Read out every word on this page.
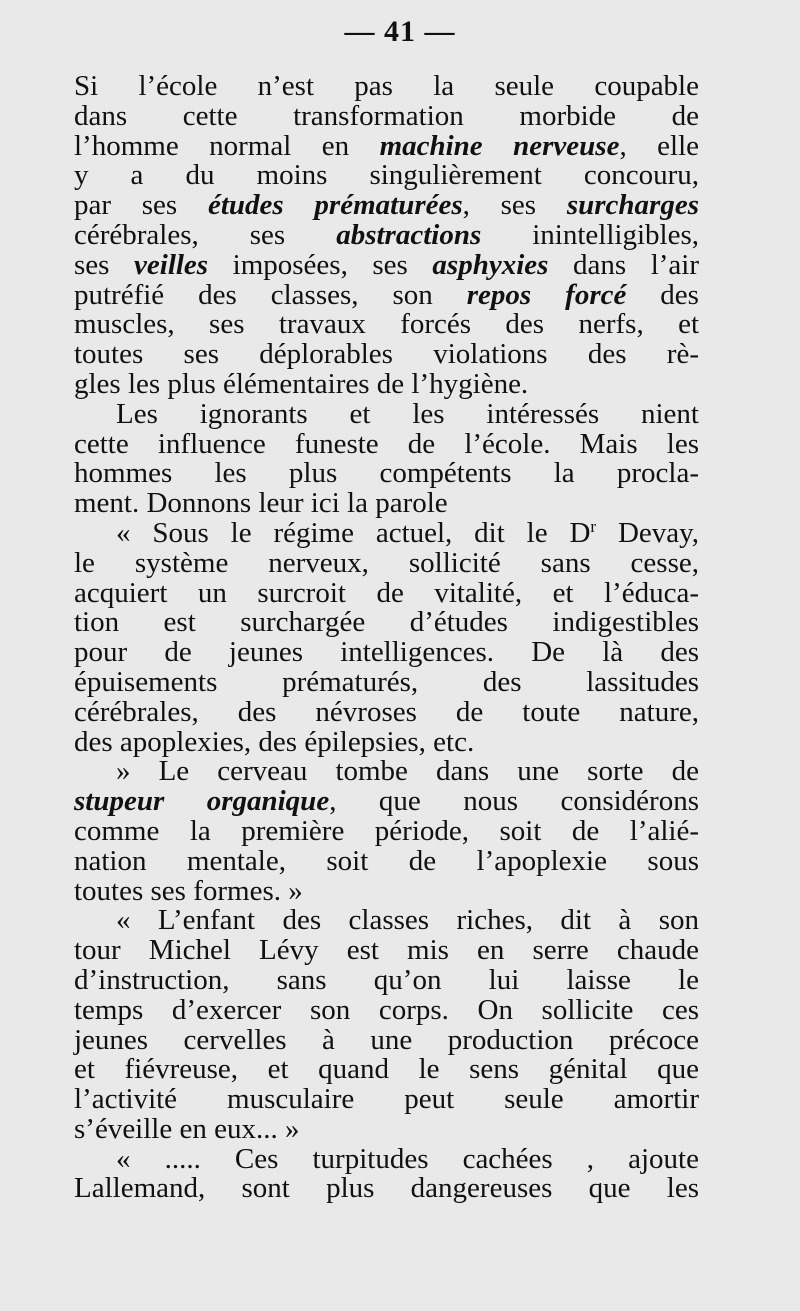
— 41 —
Si l’école n’est pas la seule coupable
dans cette transformation morbide de
l’homme normal en machine nerveuse, elle
y a du moins singulièrement concouru,
par ses études prématurées, ses surcharges
cérébrales, ses abstractions inintelligibles,
ses veilles imposées, ses asphyxies dans l’air
putréfié des classes, son repos forcé des
muscles, ses travaux forcés des nerfs, et
toutes ses déplorables violations des rè-
gles les plus élémentaires de l’hygiène.
Les ignorants et les intéressés nient
cette influence funeste de l’école. Mais les
hommes les plus compétents la procla-
ment. Donnons leur ici la parole
« Sous le régime actuel, dit le $D^r$ Devay,
le système nerveux, sollicité sans cesse,
acquiert un surcroit de vitalité, et l’éduca-
tion est surchargée d’études indigestibles
pour de jeunes intelligences. De là des
épuisements prématurés, des lassitudes
cérébrales, des névroses de toute nature,
des apoplexies, des épilepsies, etc.
» Le cerveau tombe dans une sorte de
stupeur organique, que nous considérons
comme la première période, soit de l’alié-
nation mentale, soit de l’apoplexie sous
toutes ses formes. »
« L’enfant des classes riches, dit à son
tour Michel Lévy est mis en serre chaude
d’instruction, sans qu’on lui laisse le
temps d’exercer son corps. On sollicite ces
jeunes cervelles à une production précoce
et fiévreuse, et quand le sens génital que
l’activité musculaire peut seule amortir
s’éveille en eux... »
« ..... Ces turpitudes cachées , ajoute
Lallemand, sont plus dangereuses que les
